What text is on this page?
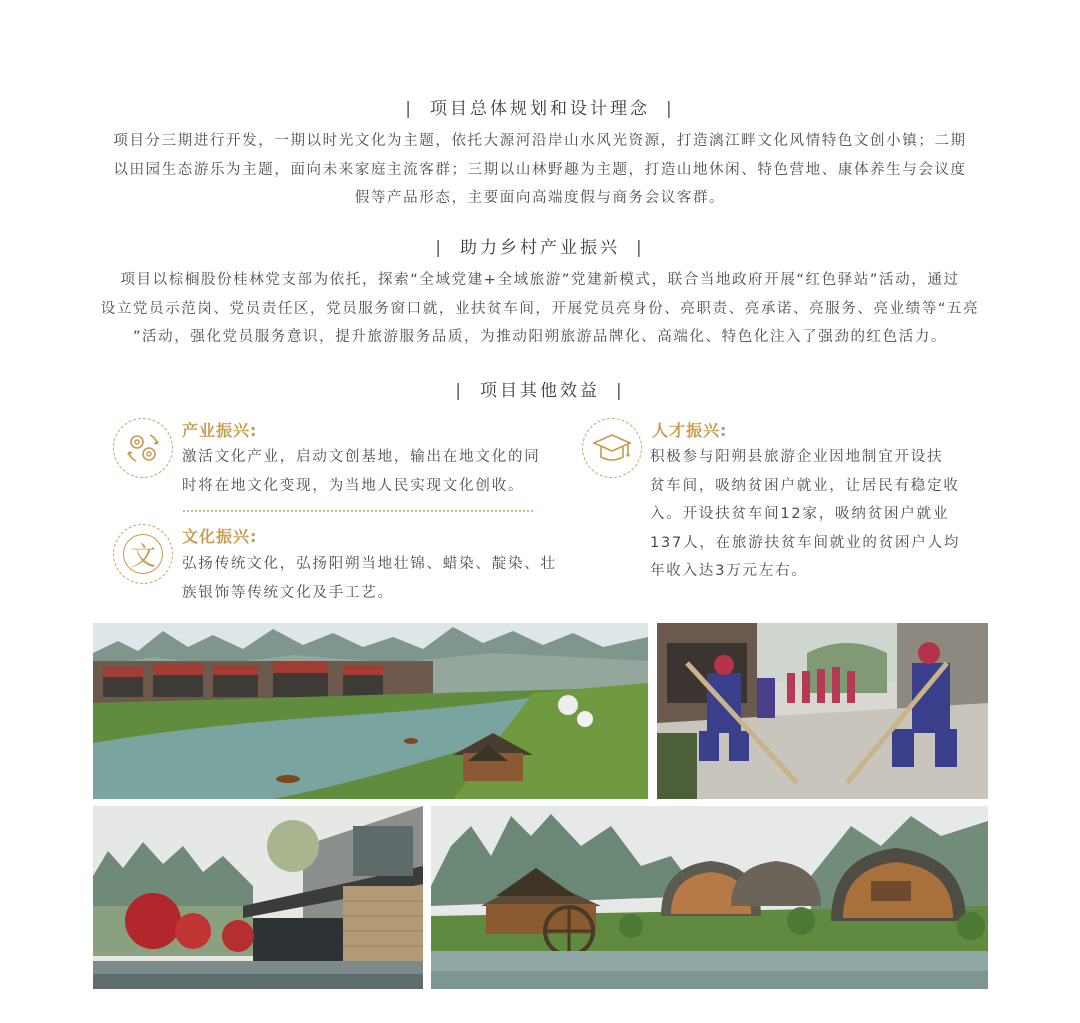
| 项目总体规划和设计理念 |
项目分三期进行开发，一期以时光文化为主题，依托大源河沿岸山水风光资源，打造漓江畔文化风情特色文创小镇；二期
以田园生态游乐为主题，面向未来家庭主流客群；三期以山林野趣为主题，打造山地休闲、特色营地、康体养生与会议度
假等产品形态，主要面向高端度假与商务会议客群。
| 助力乡村产业振兴 |
项目以棕榈股份桂林党支部为依托，探索“全域党建+全域旅游”党建新模式，联合当地政府开展“红色驿站”活动，通过
设立党员示范岗、党员责任区，党员服务窗口就，业扶贫车间，开展党员亮身份、亮职责、亮承诺、亮服务、亮业绩等“五亮
”活动，强化党员服务意识，提升旅游服务品质，为推动阳朔旅游品牌化、高端化、特色化注入了强劲的红色活力。
| 项目其他效益 |
产业振兴:
激活文化产业，启动文创基地，输出在地文化的同
时将在地文化变现，为当地人民实现文化创收。
文
文化振兴:
弘扬传统文化，弘扬阳朔当地壮锦、蜡染、靛染、壮
族银饰等传统文化及手工艺。
人才振兴:
积极参与阳朔县旅游企业因地制宜开设扶
贫车间，吸纳贫困户就业，让居民有稳定收
入。开设扶贫车间12家，吸纳贫困户就业
137人，在旅游扶贫车间就业的贫困户人均
年收入达3万元左右。
